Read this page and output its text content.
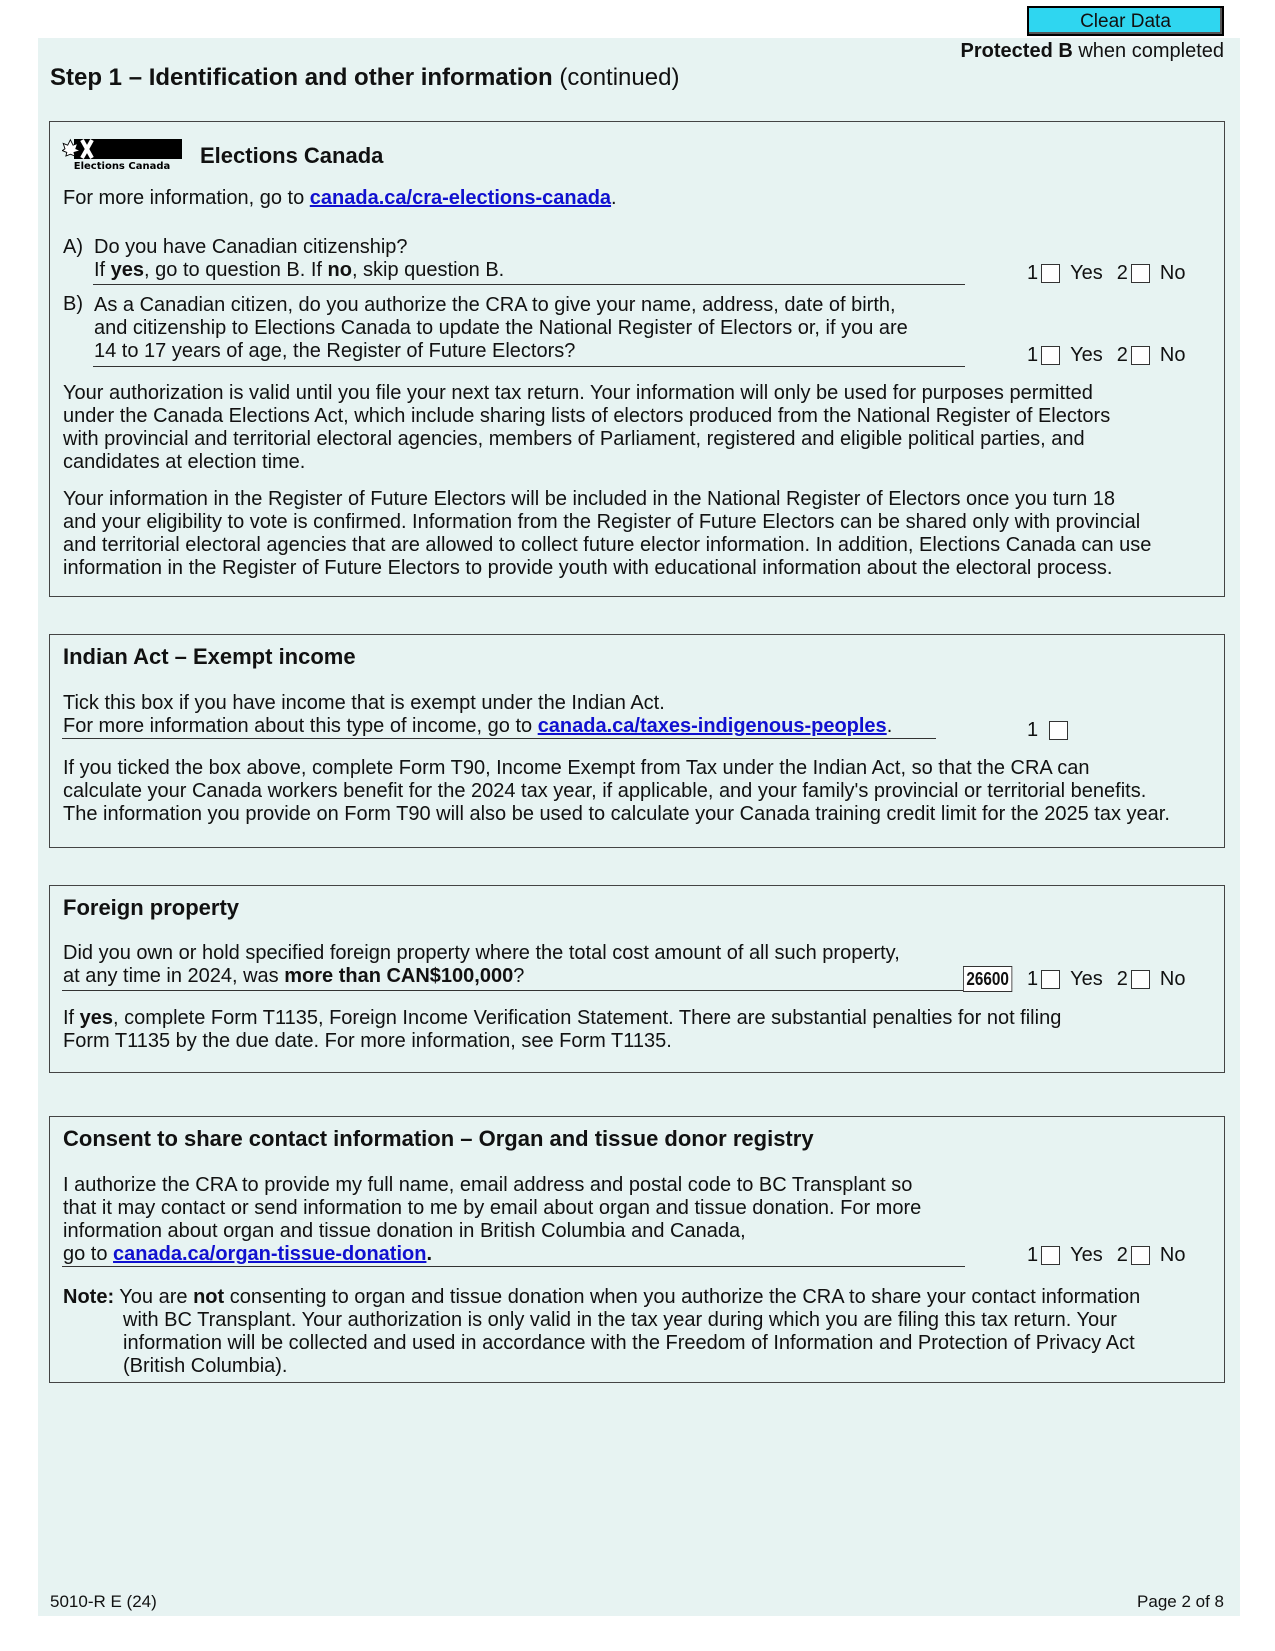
Clear Data
Protected B when completed
Step 1 – Identification and other information (continued)
Elections Canada Elections Canada
For more information, go to canada.ca/cra-elections-canada.
A) Do you have Canadian citizenship?
If yes, go to question B. If no, skip question B.	1 Yes 2 No
B) As a Canadian citizen, do you authorize the CRA to give your name, address, date of birth,
and citizenship to Elections Canada to update the National Register of Electors or, if you are
14 to 17 years of age, the Register of Future Electors?	1 Yes 2 No
Your authorization is valid until you file your next tax return. Your information will only be used for purposes permitted
under the Canada Elections Act, which include sharing lists of electors produced from the National Register of Electors
with provincial and territorial electoral agencies, members of Parliament, registered and eligible political parties, and
candidates at election time.
Your information in the Register of Future Electors will be included in the National Register of Electors once you turn 18
and your eligibility to vote is confirmed. Information from the Register of Future Electors can be shared only with provincial
and territorial electoral agencies that are allowed to collect future elector information. In addition, Elections Canada can use
information in the Register of Future Electors to provide youth with educational information about the electoral process.
Indian Act – Exempt income
Tick this box if you have income that is exempt under the Indian Act.
For more information about this type of income, go to canada.ca/taxes-indigenous-peoples.	1
If you ticked the box above, complete Form T90, Income Exempt from Tax under the Indian Act, so that the CRA can
calculate your Canada workers benefit for the 2024 tax year, if applicable, and your family's provincial or territorial benefits.
The information you provide on Form T90 will also be used to calculate your Canada training credit limit for the 2025 tax year.
Foreign property
Did you own or hold specified foreign property where the total cost amount of all such property,
at any time in 2024, was more than CAN$100,000?	26600 1 Yes 2 No
If yes, complete Form T1135, Foreign Income Verification Statement. There are substantial penalties for not filing
Form T1135 by the due date. For more information, see Form T1135.
Consent to share contact information – Organ and tissue donor registry
I authorize the CRA to provide my full name, email address and postal code to BC Transplant so
that it may contact or send information to me by email about organ and tissue donation. For more
information about organ and tissue donation in British Columbia and Canada,
go to canada.ca/organ-tissue-donation.	1 Yes 2 No
Note: You are not consenting to organ and tissue donation when you authorize the CRA to share your contact information
with BC Transplant. Your authorization is only valid in the tax year during which you are filing this tax return. Your
information will be collected and used in accordance with the Freedom of Information and Protection of Privacy Act
(British Columbia).
5010-R E (24)	Page 2 of 8
